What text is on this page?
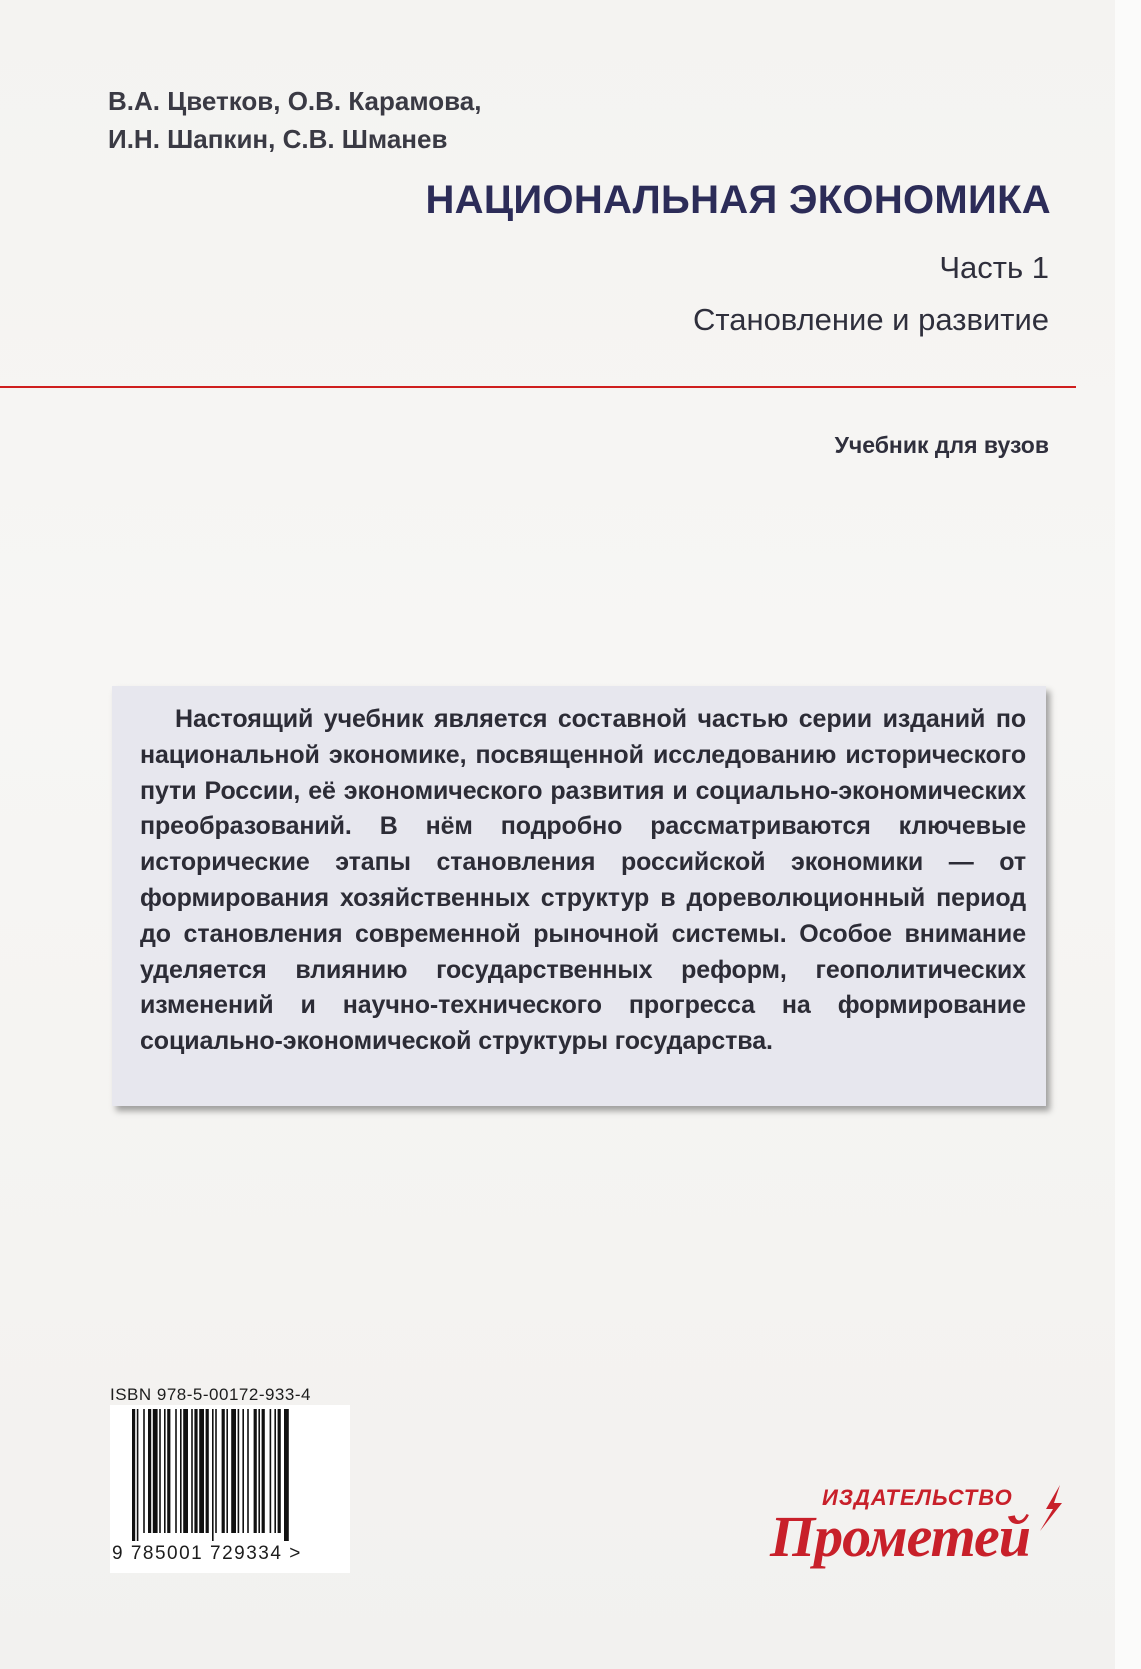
В.А. Цветков, О.В. Карамова,
И.Н. Шапкин, С.В. Шманев
НАЦИОНАЛЬНАЯ ЭКОНОМИКА
Часть 1
Становление и развитие
Учебник для вузов

Настоящий учебник является составной частью серии изданий по национальной экономике, посвященной исследованию исторического пути России, её экономического развития и социально-экономических преобразований. В нём подробно рассматриваются ключевые исторические этапы становления российской экономики — от формирования хозяйственных структур в дореволюционный период до становления современной рыночной системы. Особое внимание уделяется влиянию государственных реформ, геополитических изменений и научно-технического прогресса на формирование социально-экономической структуры государства.

ISBN 978-5-00172-933-4
9 785001 729334 >
ИЗДАТЕЛЬСТВО
Прометей
